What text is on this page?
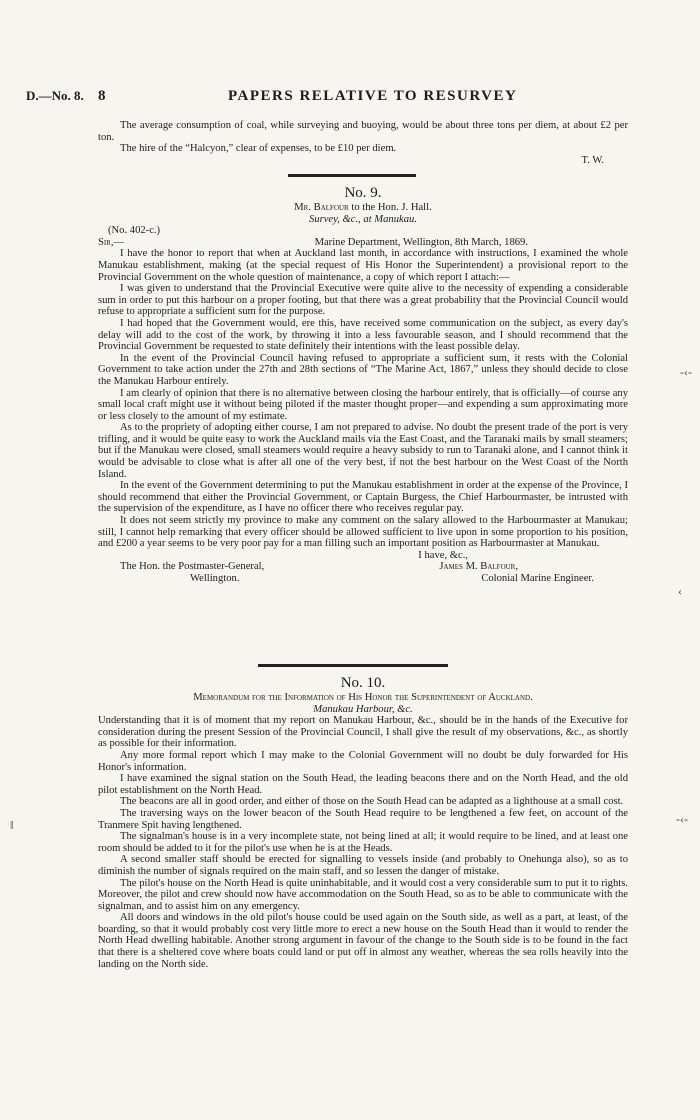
D.—No. 8. 8	PAPERS RELATIVE TO RESURVEY

The average consumption of coal, while surveying and buoying, would be about three tons per diem, at about £2 per ton.

The hire of the “Halcyon,” clear of expenses, to be £10 per diem.

T. W.

No. 9.

Mr. Balfour to the Hon. J. Hall.

Survey, &c., at Manukau.

(No. 402-c.)

Sir,—	Marine Department, Wellington, 8th March, 1869.

I have the honor to report that when at Auckland last month, in accordance with instructions, I examined the whole Manukau establishment, making (at the special request of His Honor the Superintendent) a provisional report to the Provincial Government on the whole question of maintenance, a copy of which report I attach:—

I was given to understand that the Provincial Executive were quite alive to the necessity of expending a considerable sum in order to put this harbour on a proper footing, but that there was a great probability that the Provincial Council would refuse to appropriate a sufficient sum for the purpose.

I had hoped that the Government would, ere this, have received some communication on the subject, as every day's delay will add to the cost of the work, by throwing it into a less favourable season, and I should recommend that the Provincial Government be requested to state definitely their intentions with the least possible delay.

In the event of the Provincial Council having refused to appropriate a sufficient sum, it rests with the Colonial Government to take action under the 27th and 28th sections of “The Marine Act, 1867,” unless they should decide to close the Manukau Harbour entirely.

I am clearly of opinion that there is no alternative between closing the harbour entirely, that is officially—of course any small local craft might use it without being piloted if the master thought proper—and expending a sum approximating more or less closely to the amount of my estimate.

As to the propriety of adopting either course, I am not prepared to advise. No doubt the present trade of the port is very trifling, and it would be quite easy to work the Auckland mails via the East Coast, and the Taranaki mails by small steamers; but if the Manukau were closed, small steamers would require a heavy subsidy to run to Taranaki alone, and I cannot think it would be advisable to close what is after all one of the very best, if not the best harbour on the West Coast of the North Island.

In the event of the Government determining to put the Manukau establishment in order at the expense of the Province, I should recommend that either the Provincial Government, or Captain Burgess, the Chief Harbourmaster, be intrusted with the supervision of the expenditure, as I have no officer there who receives regular pay.

It does not seem strictly my province to make any comment on the salary allowed to the Harbourmaster at Manukau; still, I cannot help remarking that every officer should be allowed sufficient to live upon in some proportion to his position, and £200 a year seems to be very poor pay for a man filling such an important position as Harbourmaster at Manukau.

I have, &c.,

The Hon. the Postmaster-General,	James M. Balfour,
Wellington.	Colonial Marine Engineer.

No. 10.

Memorandum for the Information of His Honor the Superintendent of Auckland.

Manukau Harbour, &c.

Understanding that it is of moment that my report on Manukau Harbour, &c., should be in the hands of the Executive for consideration during the present Session of the Provincial Council, I shall give the result of my observations, &c., as shortly as possible for their information.

Any more formal report which I may make to the Colonial Government will no doubt be duly forwarded for His Honor's information.

I have examined the signal station on the South Head, the leading beacons there and on the North Head, and the old pilot establishment on the North Head.

The beacons are all in good order, and either of those on the South Head can be adapted as a lighthouse at a small cost.

The traversing ways on the lower beacon of the South Head require to be lengthened a few feet, on account of the Tranmere Spit having lengthened.

The signalman's house is in a very incomplete state, not being lined at all; it would require to be lined, and at least one room should be added to it for the pilot's use when he is at the Heads.

A second smaller staff should be erected for signalling to vessels inside (and probably to Onehunga also), so as to diminish the number of signals required on the main staff, and so lessen the danger of mistake.

The pilot's house on the North Head is quite uninhabitable, and it would cost a very considerable sum to put it to rights. Moreover, the pilot and crew should now have accommodation on the South Head, so as to be able to communicate with the signalman, and to assist him on any emergency.

All doors and windows in the old pilot's house could be used again on the South side, as well as a part, at least, of the boarding, so that it would probably cost very little more to erect a new house on the South Head than it would to render the North Head dwelling habitable. Another strong argument in favour of the change to the South side is to be found in the fact that there is a sheltered cove where boats could land or put off in almost any weather, whereas the sea rolls heavily into the landing on the North side.

-‹-
‹
-‹-
ǁ
